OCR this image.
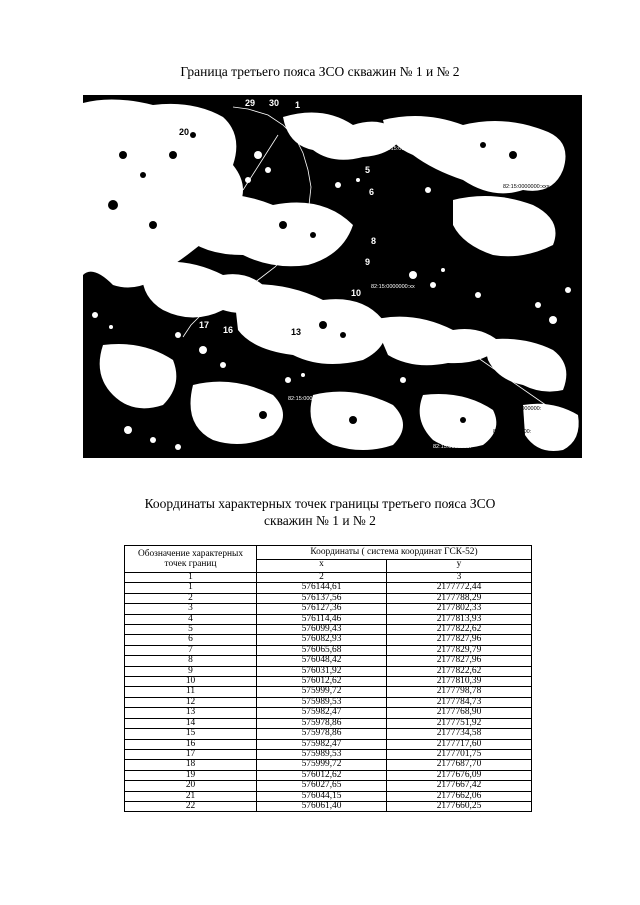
Граница третьего пояса ЗСО скважин № 1 и № 2
29 30 1
2
4
5
6
8
9
10
11
12
13
16
17
18
19
20
82:15:0000000:2578
82:15:0000000:xxx
82:15:0000000:xx
82:15:0000000:x
82:15:0000000:
82:15:0000000:
82:15:0000000:
Координаты характерных точек границы третьего пояса ЗСО
скважин № 1 и № 2
Обозначение характерных точек границ	Координаты ( система координат ГСК-52)	
	x	y
1	2	3
1	576144,61	2177772,44
2	576137,56	2177788,29
3	576127,36	2177802,33
4	576114,46	2177813,93
5	576099,43	2177822,62
6	576082,93	2177827,96
7	576065,68	2177829,79
8	576048,42	2177827,96
9	576031,92	2177822,62
10	576012,62	2177810,39
11	575999,72	2177798,78
12	575989,53	2177784,73
13	575982,47	2177768,90
14	575978,86	2177751,92
15	575978,86	2177734,58
16	575982,47	2177717,60
17	575989,53	2177701,75
18	575999,72	2177687,70
19	576012,62	2177676,09
20	576027,65	2177667,42
21	576044,15	2177662,06
22	576061,40	2177660,25
